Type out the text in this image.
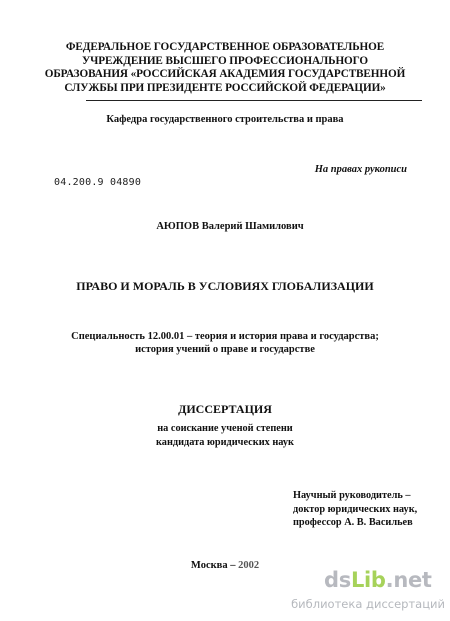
ФЕДЕРАЛЬНОЕ ГОСУДАРСТВЕННОЕ ОБРАЗОВАТЕЛЬНОЕ
УЧРЕЖДЕНИЕ ВЫСШЕГО ПРОФЕССИОНАЛЬНОГО
ОБРАЗОВАНИЯ «РОССИЙСКАЯ АКАДЕМИЯ ГОСУДАРСТВЕННОЙ
СЛУЖБЫ ПРИ ПРЕЗИДЕНТЕ РОССИЙСКОЙ ФЕДЕРАЦИИ»
Кафедра государственного строительства и права
На правах рукописи
04.200.9 04890
АЮПОВ Валерий Шамилович
ПРАВО И МОРАЛЬ В УСЛОВИЯХ ГЛОБАЛИЗАЦИИ
Специальность 12.00.01 – теория и история права и государства;
история учений о праве и государстве
ДИССЕРТАЦИЯ
на соискание ученой степени
кандидата юридических наук
Научный руководитель –
доктор юридических наук,
профессор А. В. Васильев
Москва – 2002
dsLib.net
библиотека диссертаций
